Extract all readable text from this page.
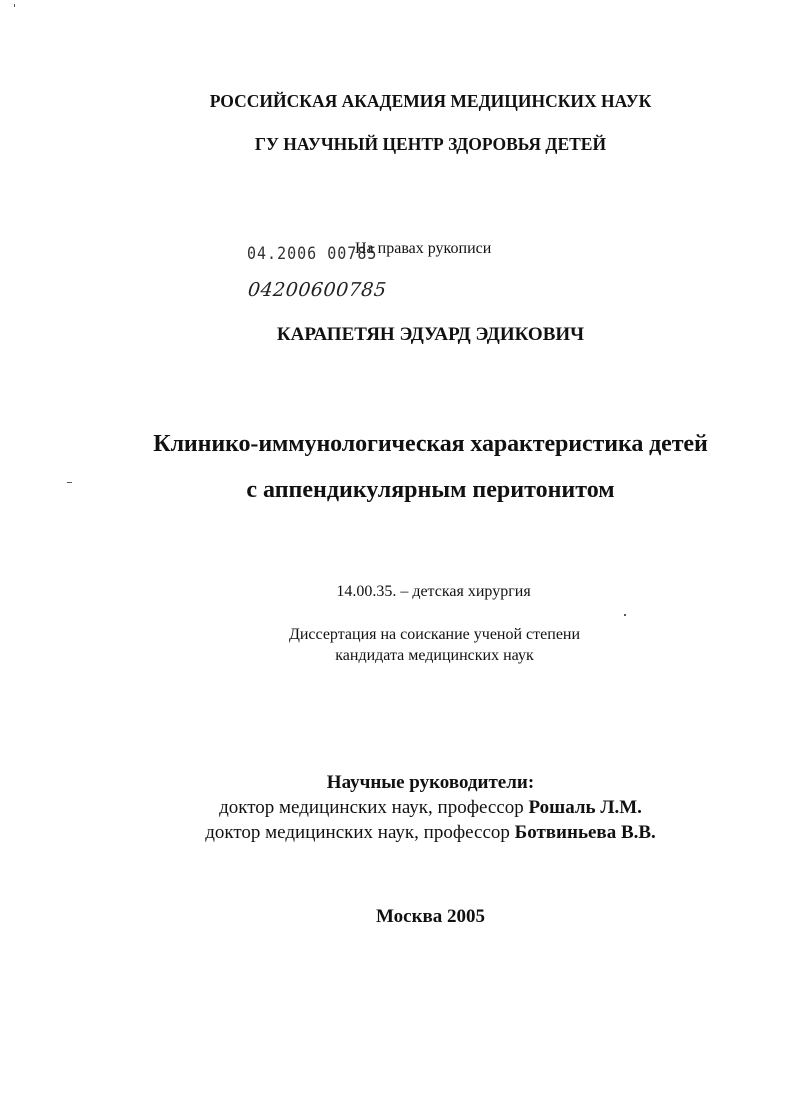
РОССИЙСКАЯ АКАДЕМИЯ МЕДИЦИНСКИХ НАУК
ГУ НАУЧНЫЙ ЦЕНТР ЗДОРОВЬЯ ДЕТЕЙ
04.2006 00785
На правах рукописи
04200600785
КАРАПЕТЯН ЭДУАРД ЭДИКОВИЧ
Клинико-иммунологическая характеристика детей
с аппендикулярным перитонитом
14.00.35. – детская хирургия
Диссертация на соискание ученой степени
кандидата медицинских наук
Научные руководители:
доктор медицинских наук, профессор Рошаль Л.М.
доктор медицинских наук, профессор Ботвиньева В.В.
Москва 2005
